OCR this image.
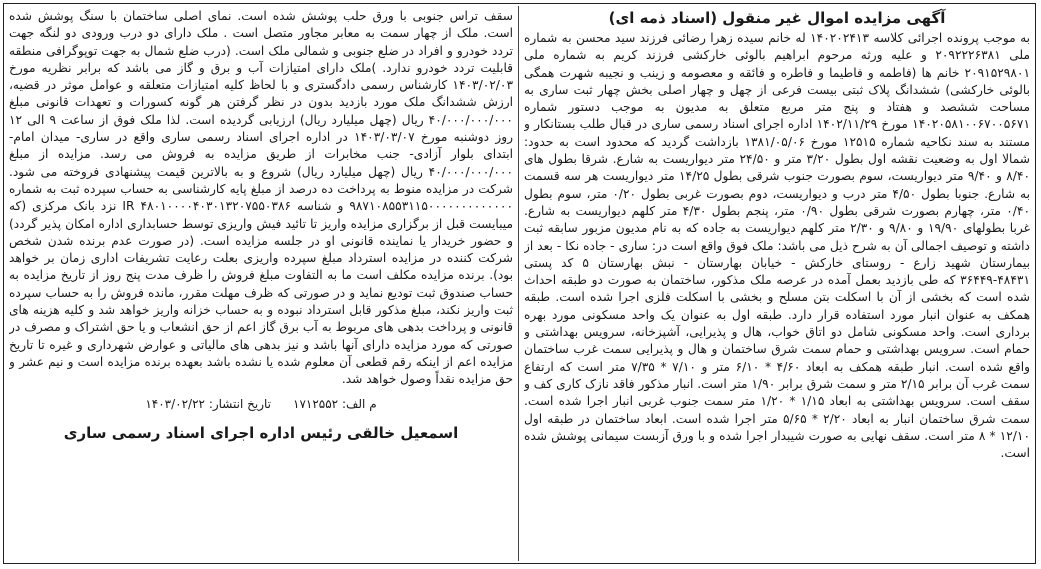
آگهی مزایده اموال غیر منقول (اسناد ذمه ای)

به موجب پرونده اجرائی کلاسه ۱۴۰۲۰۲۴۱۳ له خانم سیده زهرا رضائی فرزند سید محسن به شماره ملی ۲۰۹۲۲۲۶۳۸۱ و علیه ورثه مرحوم ابراهیم بالوئی خارکشی فرزند کریم به شماره ملی ۲۰۹۱۵۲۹۸۰۱ خانم ها (فاطمه و فاطیما و فاطره و فائقه و معصومه و زینب و نجیبه شهرت همگی بالوئی خارکشی) ششدانگ پلاک ثبتی بیست فرعی از چهل و چهار اصلی بخش چهار ثبت ساری به مساحت ششصد و هفتاد و پنج متر مربع متعلق به مدیون به موجب دستور شماره ۱۴۰۲۰۵۸۱۰۰۶۷۰۰۵۶۷۱ مورخ ۱۴۰۲/۱۱/۲۹ اداره اجرای اسناد رسمی ساری در قبال طلب بستانکار و مستند به سند نکاحیه شماره ۱۲۵۱۵ مورخ ۱۳۸۱/۰۵/۰۶ بازداشت گردید که محدود است به حدود: شمالا اول به وضعیت نقشه اول بطول ۳/۲۰ متر و ۲۴/۵۰ متر دیواریست به شارع. شرقا بطول های ۸/۴۰ و ۹/۴۰ متر دیواریست، سوم بصورت جنوب شرقی بطول ۱۴/۲۵ متر دیواریست هر سه قسمت به شارع. جنوبا بطول ۴/۵۰ متر درب و دیواریست، دوم بصورت غربی بطول ۰/۲۰ متر، سوم بطول ۰/۴۰ متر، چهارم بصورت شرقی بطول ۰/۹۰ متر، پنجم بطول ۴/۳۰ متر کلهم دیواریست به شارع. غربا بطولهای ۱۹/۹۰ و ۹/۸۰ و ۲/۳۰ متر کلهم دیواریست به جاده که به نام مدیون مزبور سابقه ثبت داشته و توصیف اجمالی آن به شرح ذیل می باشد: ملک فوق واقع است در: ساری - جاده نکا - بعد از بیمارستان شهید زارع - روستای خارکش - خیابان بهارستان - نبش بهارستان ۵ کد پستی ۴۸۴۳۱-۳۶۴۴۹ که طی بازدید بعمل آمده در عرصه ملک مذکور، ساختمان به صورت دو طبقه احداث شده است که بخشی از آن با اسکلت بتن مسلح و بخشی با اسکلت فلزی اجرا شده است. طبقه همکف به عنوان انبار مورد استفاده قرار دارد. طبقه اول به عنوان یک واحد مسکونی مورد بهره برداری است. واحد مسکونی شامل دو اتاق خواب، هال و پذیرایی، آشپزخانه، سرویس بهداشتی و حمام است. سرویس بهداشتی و حمام سمت شرق ساختمان و هال و پذیرایی سمت غرب ساختمان واقع شده است. انبار طبقه همکف به ابعاد ۴/۶۰ * ۶/۱۰ متر و ۷/۱۰ * ۷/۳۵ متر است که ارتفاع سمت غرب آن برابر ۲/۱۵ متر و سمت شرق برابر ۱/۹۰ متر است. انبار مذکور فاقد نازک کاری کف و سقف است. سرویس بهداشتی به ابعاد ۱/۱۵ * ۱/۲۰ متر سمت جنوب غربی انبار اجرا شده است. سمت شرق ساختمان انبار به ابعاد ۲/۲۰ * ۵/۶۵ متر اجرا شده است. ابعاد ساختمان در طبقه اول ۱۲/۱۰ * ۸ متر است. سقف نهایی به صورت شیبدار اجرا شده و با ورق آزبست سیمانی پوشش شده است.

سقف تراس جنوبی با ورق حلب پوشش شده است. نمای اصلی ساختمان با سنگ پوشش شده است. ملک از چهار سمت به معابر مجاور متصل است . ملک دارای دو درب ورودی دو لنگه جهت تردد خودرو و افراد در ضلع جنوبی و شمالی ملک است. (درب ضلع شمال به جهت توپوگرافی منطقه قابلیت تردد خودرو ندارد. )ملک دارای امتیازات آب و برق و گاز می باشد که برابر نظریه مورخ ۱۴۰۳/۰۲/۰۳ کارشناس رسمی دادگستری و با لحاظ کلیه امتیازات متعلقه و عوامل موثر در قضیه، ارزش ششدانگ ملک مورد بازدید بدون در نظر گرفتن هر گونه کسورات و تعهدات قانونی مبلغ ۴۰/۰۰۰/۰۰۰/۰۰۰ ریال (چهل میلیارد ریال) ارزیابی گردیده است. لذا ملک فوق از ساعت ۹ الی ۱۲ روز دوشنبه مورخ ۱۴۰۳/۰۳/۰۷ در اداره اجرای اسناد رسمی ساری واقع در ساری- میدان امام- ابتدای بلوار آزادی- جنب مخابرات از طریق مزایده به فروش می رسد. مزایده از مبلغ ۴۰/۰۰۰/۰۰۰/۰۰۰ ریال (چهل میلیارد ریال) شروع و به بالاترین قیمت پیشنهادی فروخته می شود. شرکت در مزایده منوط به پرداخت ده درصد از مبلغ پایه کارشناسی به حساب سپرده ثبت به شماره ۹۸۷۱۰۸۵۵۳۱۱۵۰۰۰۰۰۰۰۰۰۰۰۰۰ و شناسه IR ۴۸۰۱۰۰۰۰۴۰۳۰۱۳۲۰۷۵۵۰۳۸۶ نزد بانک مرکزی (که میبایست قبل از برگزاری مزایده واریز تا تائید فیش واریزی توسط حسابداری اداره امکان پذیر گردد) و حضور خریدار یا نماینده قانونی او در جلسه مزایده است. (در صورت عدم برنده شدن شخص شرکت کننده در مزایده استرداد مبلغ سپرده واریزی بعلت رعایت تشریفات اداری زمان بر خواهد بود). برنده مزایده مکلف است ما به التفاوت مبلغ فروش را ظرف مدت پنج روز از تاریخ مزایده به حساب صندوق ثبت توديع نماید و در صورتی که ظرف مهلت مقرر، مانده فروش را به حساب سپرده ثبت واریز نکند، مبلغ مذکور قابل استرداد نبوده و به حساب خزانه واریز خواهد شد و کلیه هزینه های قانونی و پرداخت بدهی های مربوط به آب برق گاز اعم از حق انشعاب و یا حق اشتراک و مصرف در صورتی که مورد مزایده دارای آنها باشد و نیز بدهی های مالیاتی و عوارض شهرداری و غیره تا تاریخ مزایده اعم از اینکه رقم قطعی آن معلوم شده یا نشده باشد بعهده برنده مزایده است و نیم عشر و حق مزایده نقداً وصول خواهد شد.

م الف: ۱۷۱۲۵۵۲تاریخ انتشار: ۱۴۰۳/۰۲/۲۲
اسمعیل خالقی رئیس اداره اجرای اسناد رسمی ساری
